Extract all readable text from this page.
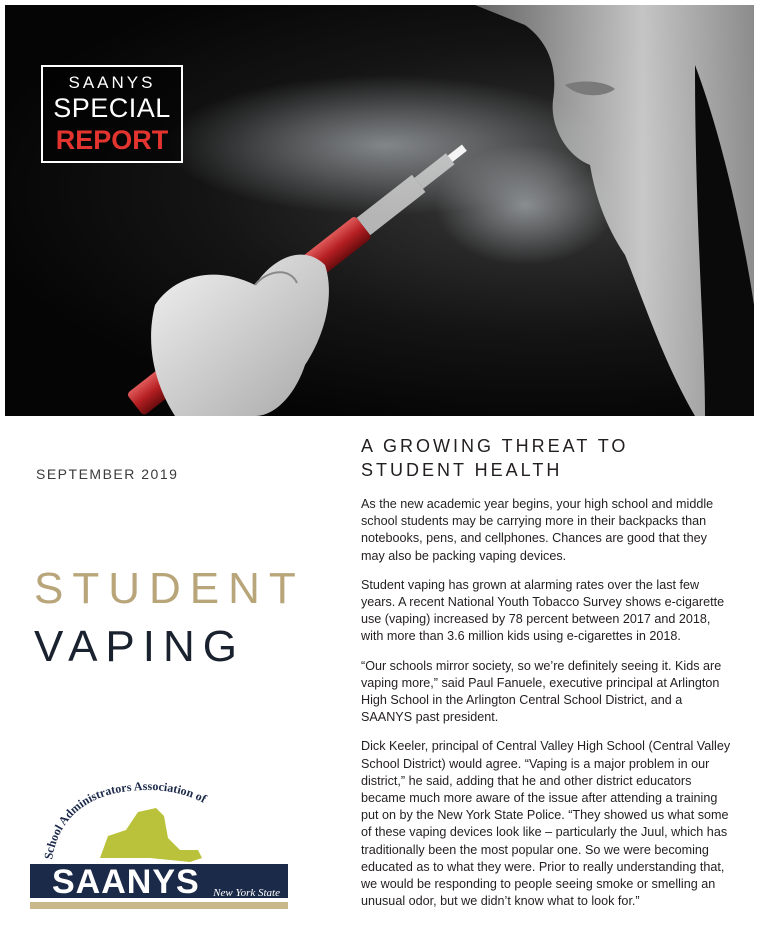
SAANYS
SPECIAL
REPORT
SEPTEMBER 2019
STUDENT
VAPING
School Administrators Association of
SAANYS New York State
A GROWING THREAT TO
STUDENT HEALTH

As the new academic year begins, your high school and middle school students may be carrying more in their backpacks than notebooks, pens, and cellphones. Chances are good that they may also be packing vaping devices.

Student vaping has grown at alarming rates over the last few years. A recent National Youth Tobacco Survey shows e-cigarette use (vaping) increased by 78 percent between 2017 and 2018, with more than 3.6 million kids using e-cigarettes in 2018.

“Our schools mirror society, so we’re definitely seeing it. Kids are vaping more,” said Paul Fanuele, executive principal at Arlington High School in the Arlington Central School District, and a SAANYS past president.

Dick Keeler, principal of Central Valley High School (Central Valley School District) would agree. “Vaping is a major problem in our district,” he said, adding that he and other district educators became much more aware of the issue after attending a training put on by the New York State Police. “They showed us what some of these vaping devices look like – particularly the Juul, which has traditionally been the most popular one. So we were becoming educated as to what they were. Prior to really understanding that, we would be responding to people seeing smoke or smelling an unusual odor, but we didn’t know what to look for.”
